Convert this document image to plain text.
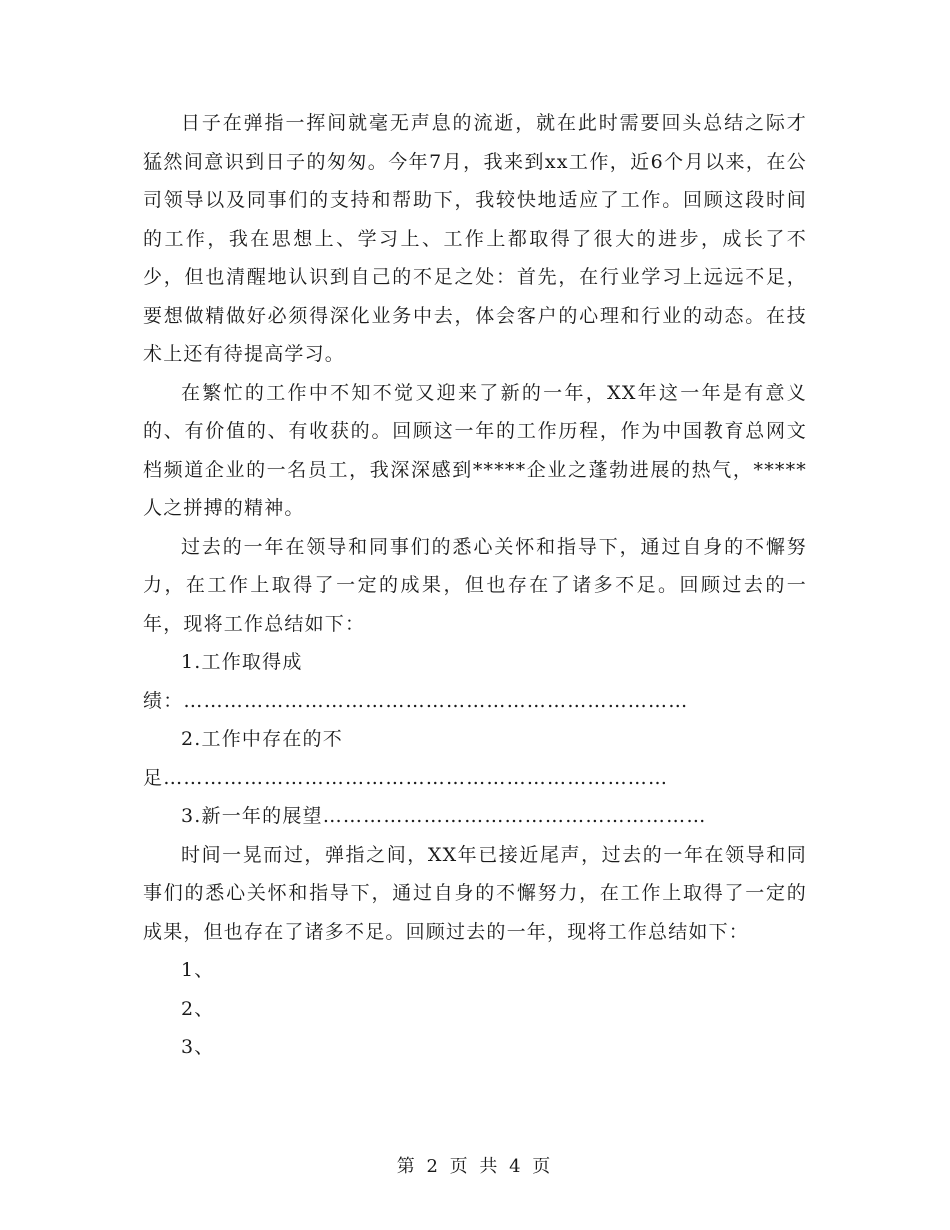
日子在弹指一挥间就毫无声息的流逝，就在此时需要回头总结之际才猛然间意识到日子的匆匆。今年7月，我来到xx工作，近6个月以来，在公司领导以及同事们的支持和帮助下，我较快地适应了工作。回顾这段时间的工作，我在思想上、学习上、工作上都取得了很大的进步，成长了不少，但也清醒地认识到自己的不足之处：首先，在行业学习上远远不足，要想做精做好必须得深化业务中去，体会客户的心理和行业的动态。在技术上还有待提高学习。

在繁忙的工作中不知不觉又迎来了新的一年，XX年这一年是有意义的、有价值的、有收获的。回顾这一年的工作历程，作为中国教育总网文档频道企业的一名员工，我深深感到*****企业之蓬勃进展的热气，*****人之拼搏的精神。

过去的一年在领导和同事们的悉心关怀和指导下，通过自身的不懈努力，在工作上取得了一定的成果，但也存在了诸多不足。回顾过去的一年，现将工作总结如下：

1.工作取得成绩：…………………………………………………………………

2.工作中存在的不足…………………………………………………………………

3.新一年的展望…………………………………………………

时间一晃而过，弹指之间，XX年已接近尾声，过去的一年在领导和同事们的悉心关怀和指导下，通过自身的不懈努力，在工作上取得了一定的成果，但也存在了诸多不足。回顾过去的一年，现将工作总结如下：

1、

2、

3、

第 2 页 共 4 页
